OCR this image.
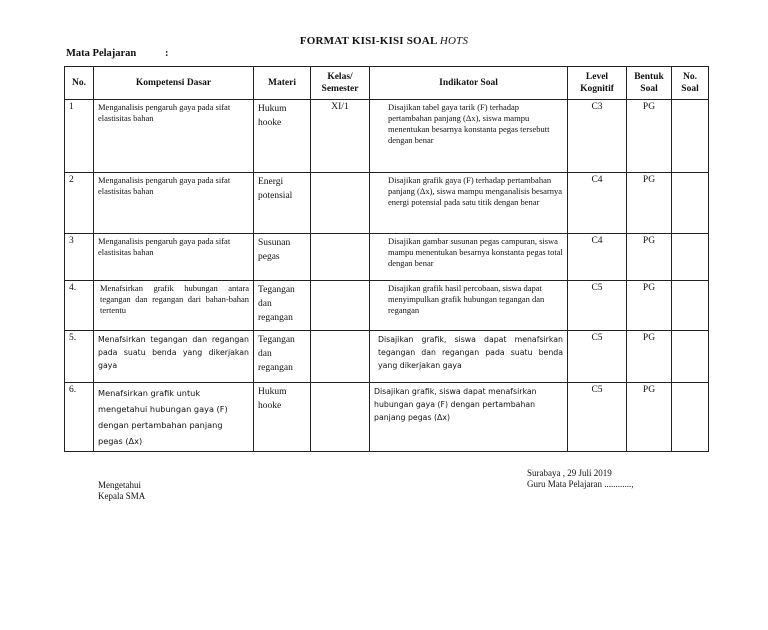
FORMAT KISI-KISI SOAL HOTS
Mata Pelajaran	:
No.	Kompetensi Dasar	Materi	Kelas/ Semester	Indikator Soal	Level Kognitif	Bentuk Soal	No. Soal
1	Menganalisis pengaruh gaya pada sifat elastisitas bahan	Hukum hooke	XI/1	Disajikan tabel gaya tarik (F) terhadap pertambahan panjang (Δx), siswa mampu menentukan besarnya konstanta pegas tersebutt dengan benar	C3	PG	
2	Menganalisis pengaruh gaya pada sifat elastisitas bahan	Energi potensial		Disajikan grafik gaya (F) terhadap pertambahan panjang (Δx), siswa mampu menganalisis besarnya energi potensial pada satu titik dengan benar	C4	PG	
3	Menganalisis pengaruh gaya pada sifat elastisitas bahan	Susunan pegas		Disajikan gambar susunan pegas campuran, siswa mampu menentukan besarnya konstanta pegas total dengan benar	C4	PG	
4.	Menafsirkan grafik hubungan antara tegangan dan regangan dari bahan-bahan tertentu	Tegangan dan regangan		Disajikan grafik hasil percobaan, siswa dapat menyimpulkan grafik hubungan tegangan dan regangan	C5	PG	
5.	Menafsirkan tegangan dan regangan pada suatu benda yang dikerjakan gaya	Tegangan dan regangan		Disajikan grafik, siswa dapat menafsirkan tegangan dan regangan pada suatu benda yang dikerjakan gaya	C5	PG	
6.	Menafsirkan grafik untuk mengetahui hubungan gaya (F) dengan pertambahan panjang pegas (Δx)	Hukum hooke		Disajikan grafik, siswa dapat menafsirkan hubungan gaya (F) dengan pertambahan panjang pegas (Δx)	C5	PG	
Surabaya , 29 Juli 2019
Guru Mata Pelajaran ............,
Mengetahui
Kepala SMA
